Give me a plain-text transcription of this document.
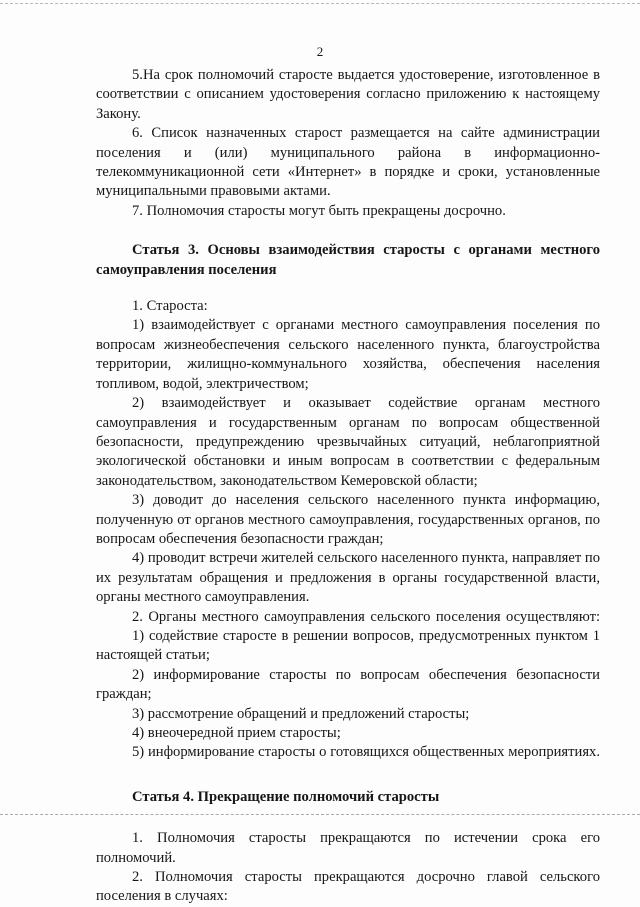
2

5.На срок полномочий старосте выдается удостоверение, изготовленное в соответствии с описанием удостоверения согласно приложению к настоящему Закону.

6. Список назначенных старост размещается на сайте администрации поселения и (или) муниципального района в информационно-телекоммуникационной сети «Интернет» в порядке и сроки, установленные муниципальными правовыми актами.

7. Полномочия старосты могут быть прекращены досрочно.

Статья 3. Основы взаимодействия старосты с органами местного самоуправления поселения

1. Староста:

1) взаимодействует с органами местного самоуправления поселения по вопросам жизнеобеспечения сельского населенного пункта, благоустройства территории, жилищно-коммунального хозяйства, обеспечения населения топливом, водой, электричеством;

2) взаимодействует и оказывает содействие органам местного самоуправления и государственным органам по вопросам общественной безопасности, предупреждению чрезвычайных ситуаций, неблагоприятной экологической обстановки и иным вопросам в соответствии с федеральным законодательством, законодательством Кемеровской области;

3) доводит до населения сельского населенного пункта информацию, полученную от органов местного самоуправления, государственных органов, по вопросам обеспечения безопасности граждан;

4) проводит встречи жителей сельского населенного пункта, направляет по их результатам обращения и предложения в органы государственной власти, органы местного самоуправления.

2. Органы местного самоуправления сельского поселения осуществляют:

1) содействие старосте в решении вопросов, предусмотренных пунктом 1 настоящей статьи;

2) информирование старосты по вопросам обеспечения безопасности граждан;

3) рассмотрение обращений и предложений старосты;

4) внеочередной прием старосты;

5) информирование старосты о готовящихся общественных мероприятиях.

Статья 4. Прекращение полномочий старосты

1. Полномочия старосты прекращаются по истечении срока его полномочий.

2. Полномочия старосты прекращаются досрочно главой сельского поселения в случаях:
